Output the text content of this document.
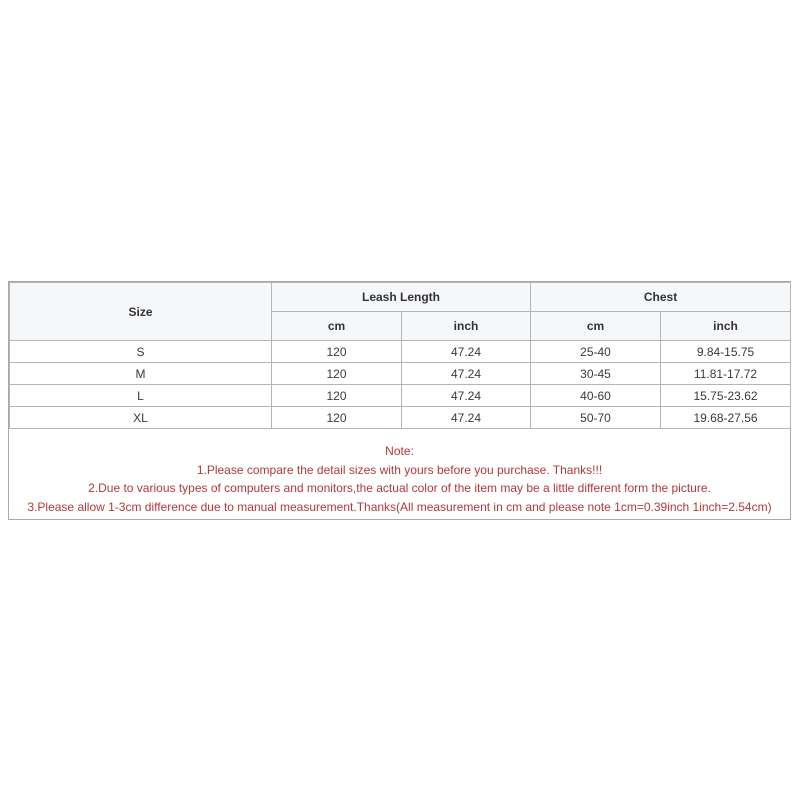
Size	Leash Length		Chest	
	cm	inch	cm	inch
S	120	47.24	25-40	9.84-15.75
M	120	47.24	30-45	11.81-17.72
L	120	47.24	40-60	15.75-23.62
XL	120	47.24	50-70	19.68-27.56
Note:
1.Please compare the detail sizes with yours before you purchase. Thanks!!!
2.Due to various types of computers and monitors,the actual color of the item may be a little different form the picture.
3.Please allow 1-3cm difference due to manual measurement.Thanks(All measurement in cm and please note 1cm=0.39inch 1inch=2.54cm)
